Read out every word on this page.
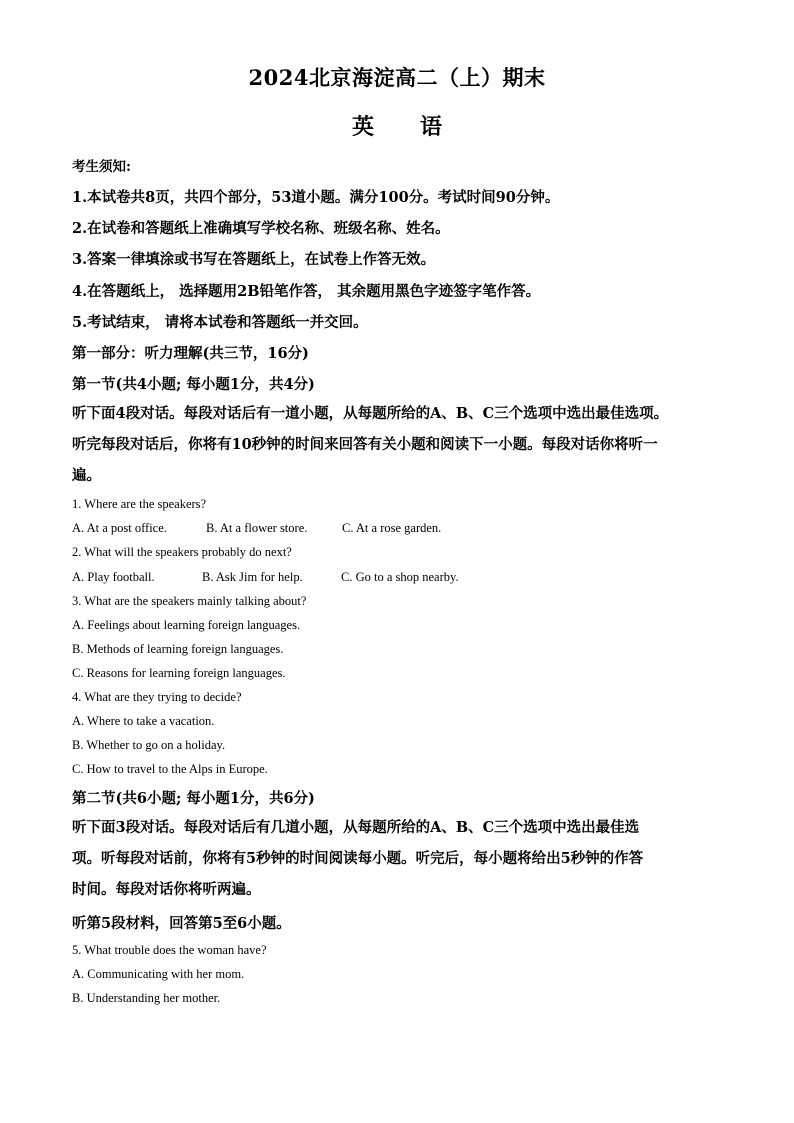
2024北京海淀高二（上）期末
英 语
考生须知:
1.本试卷共8页，共四个部分，53道小题。满分100分。考试时间90分钟。
2.在试卷和答题纸上准确填写学校名称、班级名称、姓名。
3.答案一律填涂或书写在答题纸上，在试卷上作答无效。
4.在答题纸上， 选择题用2B铅笔作答， 其余题用黑色字迹签字笔作答。
5.考试结束， 请将本试卷和答题纸一并交回。
第一部分：听力理解(共三节，16分)
第一节(共4小题; 每小题1分，共4分)
听下面4段对话。每段对话后有一道小题，从每题所给的A、B、C三个选项中选出最佳选项。
听完每段对话后，你将有10秒钟的时间来回答有关小题和阅读下一小题。每段对话你将听一
遍。
1. Where are the speakers?
A. At a post office.	B. At a flower store.	C. At a rose garden.
2. What will the speakers probably do next?
A. Play football.	B. Ask Jim for help.	C. Go to a shop nearby.
3. What are the speakers mainly talking about?
A. Feelings about learning foreign languages.
B. Methods of learning foreign languages.
C. Reasons for learning foreign languages.
4. What are they trying to decide?
A. Where to take a vacation.
B. Whether to go on a holiday.
C. How to travel to the Alps in Europe.
第二节(共6小题; 每小题1分，共6分)
听下面3段对话。每段对话后有几道小题，从每题所给的A、B、C三个选项中选出最佳选
项。听每段对话前，你将有5秒钟的时间阅读每小题。听完后，每小题将给出5秒钟的作答
时间。每段对话你将听两遍。
听第5段材料，回答第5至6小题。
5. What trouble does the woman have?
A. Communicating with her mom.
B. Understanding her mother.
